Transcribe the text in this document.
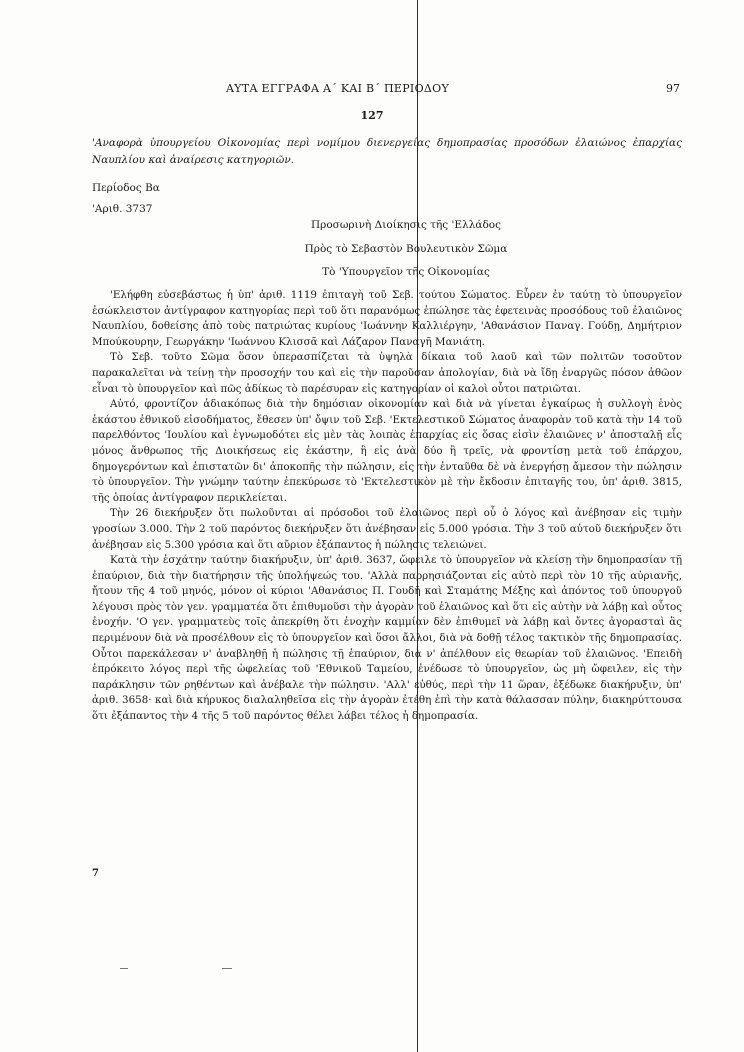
ΑΥΤΑ ΕΓΓΡΑΦΑ Α΄ ΚΑΙ Β΄ ΠΕΡΙΟΔΟΥ	97
127

'Αναφορὰ ὑπουργείου Οἰκονομίας περὶ νομίμου διενεργείας δημοπρασίας προσόδων ἐλαιώνος ἐπαρχίας Ναυπλίου καὶ ἀναίρεσις κατηγοριῶν.

Περίοδος Βα
'Αριθ. 3737
Προσωρινὴ Διοίκησις τῆς 'Ελλάδος
Πρὸς τὸ Σεβαστὸν Βουλευτικὸν Σῶμα
Τὸ 'Υπουργεῖον τῆς Οἰκονομίας

'Ελήφθη εὐσεβάστως ἡ ὑπ' ἀριθ. 1119 ἐπιταγὴ τοῦ Σεβ. τούτου Σώματος. Εὗρεν ἐν ταύτῃ τὸ ὑπουργεῖον ἐσώκλειστον ἀντίγραφον κατηγορίας περὶ τοῦ ὅτι παρανόμως ἐπώλησε τὰς ἐφετεινὰς προσόδους τοῦ ἐλαιῶνος Ναυπλίου, δοθείσης ἀπὸ τοὺς πατριώτας κυρίους 'Ιωάννην Καλλιέργην, 'Αθανάσιον Παναγ. Γούδῃ, Δημήτριον Μπούκουρην, Γεωργάκην 'Ιωάννου Κλισσᾶ καὶ Λάζαρον Παναγῆ Μανιάτη.

Τὸ Σεβ. τοῦτο Σῶμα ὅσον ὑπερασπίζεται τὰ ὑψηλὰ δίκαια τοῦ λαοῦ καὶ τῶν πολιτῶν τοσοῦτον παρακαλεῖται νὰ τείνῃ τὴν προσοχήν του καὶ εἰς τὴν παροῦσαν ἀπολογίαν, διὰ νὰ ἴδῃ ἐναργῶς πόσον ἀθῶον εἶναι τὸ ὑπουργεῖον καὶ πῶς ἀδίκως τὸ παρέσυραν εἰς κατηγορίαν οἱ καλοὶ οὗτοι πατριῶται.

Αὐτό, φροντίζον ἀδιακόπως διὰ τὴν δημόσιαν οἰκονομίαν καὶ διὰ νὰ γίνεται ἐγκαίρως ἡ συλλογὴ ἑνὸς ἑκάστου ἐθνικοῦ εἰσοδήματος, ἔθεσεν ὑπ' ὄψιν τοῦ Σεβ. 'Εκτελεστικοῦ Σώματος ἀναφορὰν τοῦ κατὰ τὴν 14 τοῦ παρελθόντος 'Ιουλίου καὶ ἐγνωμοδότει εἰς μὲν τὰς λοιπὰς ἐπαρχίας εἰς ὅσας εἰσὶν ἐλαιῶνες ν' ἀποσταλῇ εἷς μόνος ἄνθρωπος τῆς Διοικήσεως εἰς ἑκάστην, ἢ εἰς ἀνὰ δύο ἢ τρεῖς, νὰ φροντίσῃ μετὰ τοῦ ἐπάρχου, δημογερόντων καὶ ἐπιστατῶν δι' ἀποκοπῆς τὴν πώλησιν, εἰς τὴν ἐνταῦθα δὲ νὰ ἐνεργήσῃ ἄμεσον τὴν πώλησιν τὸ ὑπουργεῖον. Τὴν γνώμην ταύτην ἐπεκύρωσε τὸ 'Εκτελεστικὸν μὲ τὴν ἔκδοσιν ἐπιταγῆς του, ὑπ' ἀριθ. 3815, τῆς ὁποίας ἀντίγραφον περικλείεται.

Τὴν 26 διεκήρυξεν ὅτι πωλοῦνται αἱ πρόσοδοι τοῦ ἐλαιῶνος περὶ οὗ ὁ λόγος καὶ ἀνέβησαν εἰς τιμὴν γροσίων 3.000. Τὴν 2 τοῦ παρόντος διεκήρυξεν ὅτι ἀνέβησαν εἰς 5.000 γρόσια. Τὴν 3 τοῦ αὐτοῦ διεκήρυξεν ὅτι ἀνέβησαν εἰς 5.300 γρόσια καὶ ὅτι αὔριον ἐξάπαντος ἡ πώλησις τελειώνει.

Κατὰ τὴν ἐσχάτην ταύτην διακήρυξιν, ὑπ' ἀριθ. 3637, ὤφειλε τὸ ὑπουργεῖον νὰ κλείσῃ τὴν δημοπρασίαν τῇ ἐπαύριον, διὰ τὴν διατήρησιν τῆς ὑπολήψεώς του. 'Αλλὰ παρρησιάζονται εἰς αὐτὸ περὶ τὸν 10 τῆς αὐριανῆς, ἤτουν τῆς 4 τοῦ μηνός, μόνον οἱ κύριοι 'Αθανάσιος Π. Γουδῆ καὶ Σταμάτης Μέξης καὶ ἀπόντος τοῦ ὑπουργοῦ λέγουσι πρὸς τὸν γεν. γραμματέα ὅτι ἐπιθυμοῦσι τὴν ἀγορὰν τοῦ ἐλαιῶνος καὶ ὅτι εἰς αὐτὴν νὰ λάβῃ καὶ οὗτος ἐνοχήν. 'Ο γεν. γραμματεὺς τοῖς ἀπεκρίθη ὅτι ἐνοχὴν καμμίαν δὲν ἐπιθυμεῖ νὰ λάβῃ καὶ ὄντες ἀγορασταὶ ἂς περιμένουν διὰ νὰ προσέλθουν εἰς τὸ ὑπουργεῖον καὶ ὅσοι ἄλλοι, διὰ νὰ δοθῇ τέλος τακτικὸν τῆς δημοπρασίας. Οὗτοι παρεκάλεσαν ν' ἀναβληθῇ ἡ πώλησις τῇ ἐπαύριον, διὰ ν' ἀπέλθουν εἰς θεωρίαν τοῦ ἐλαιῶνος. 'Επειδὴ ἐπρόκειτο λόγος περὶ τῆς ὠφελείας τοῦ 'Εθνικοῦ Ταμείου, ἐνέδωσε τὸ ὑπουργεῖον, ὡς μὴ ὤφειλεν, εἰς τὴν παράκλησιν τῶν ρηθέντων καὶ ἀνέβαλε τὴν πώλησιν. 'Αλλ' εὐθύς, περὶ τὴν 11 ὥραν, ἐξέδωκε διακήρυξιν, ὑπ' ἀριθ. 3658· καὶ διὰ κήρυκος διαλαληθεῖσα εἰς τὴν ἀγορὰν ἐτέθη ἐπὶ τὴν κατὰ θάλασσαν πύλην, διακηρύττουσα ὅτι ἐξάπαντος τὴν 4 τῆς 5 τοῦ παρόντος θέλει λάβει τέλος ἡ δημοπρασία.

7
